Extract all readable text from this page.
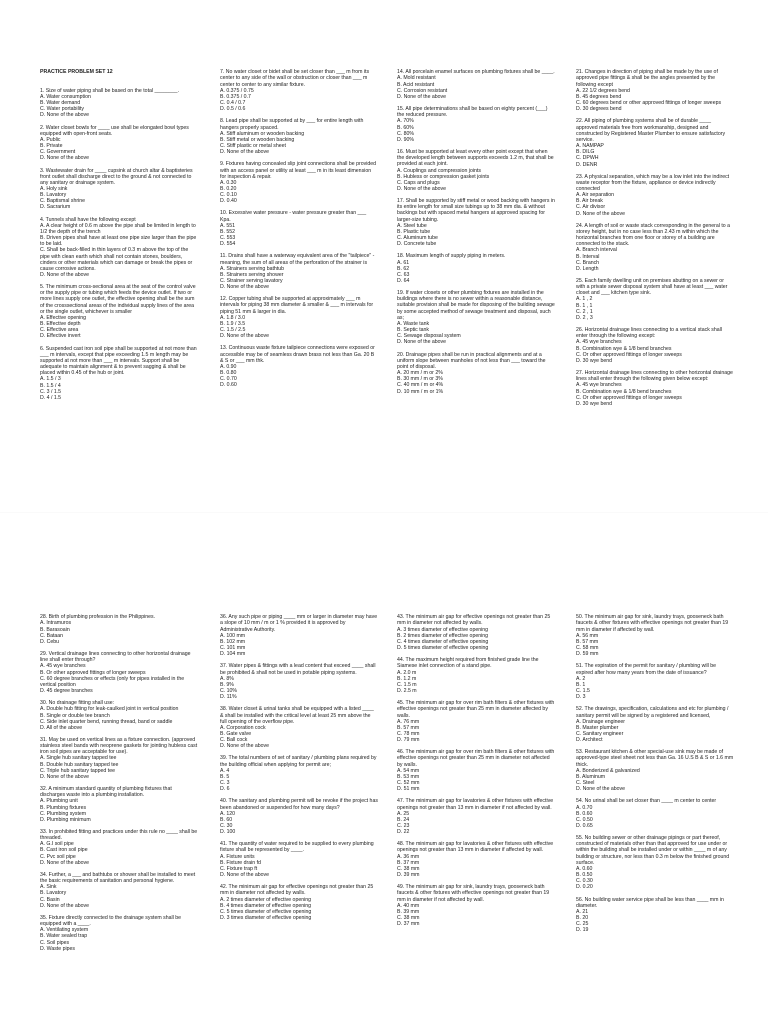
PRACTICE PROBLEM SET 12

1. Size of water piping shall be based on the total ________.
A. Water consumption
B. Water demand
C. Water portability
D. None of the above
2. Water closet bowls for ____ use shall be elongated bowl types equipped with open-front seats.
A. Public
B. Private
C. Government
D. None of the above
3. Wastewater drain for ____ cupsink at church altar & baptisteries front outlet shall discharge direct to the ground & not connected to any sanitary or drainage system.
A. Holy sink
B. Lavatory
C. Baptismal shrine
D. Sacrarium
4. Tunnels shall have the following except
A. A clear height of 0.6 m above the pipe shall be limited in length to 1/2 the depth of the trench
B. Driven pipes shall have at least one pipe size larger than the pipe to be laid.
C. Shall be back-filled in thin layers of 0.3 m above the top of the pipe with clean earth which shall not contain stones, boulders, cinders or other materials which can damage or break the pipes or cause corrosive actions.
D. None of the above
5. The minimum cross-sectional area at the seat of the control valve or the supply pipe or tubing which feeds the device outlet. If two or more lines supply one outlet, the effective opening shall be the sum of the crosssectional areas of the individual supply lines of the area or the single outlet, whichever is smaller
A. Effective opening
B. Effective depth
C. Effective area
D. Effective invert
6. Suspended cast iron soil pipe shall be supported at not more than ___ m intervals, except that pipe exceeding 1.5 m length may be supported at not more than ___ m intervals. Support shall be adequate to maintain alignment & to prevent sagging & shall be placed within 0.45 of the hub or joint.
A. 1.5 / 3
B. 1.5 / 4
C. 3 / 1.5
D. 4 / 1.5

7. No water closet or bidet shall be set closer than ___ m from its center to any side of the wall or obstruction or closer than ___ m center to center to any similar fixture.
A. 0.375 / 0.75
B. 0.375 / 0.7
C. 0.4 / 0.7
D. 0.5 / 0.6
8. Lead pipe shall be supported at by ___ for entire length with hangers properly spaced.
A. Stiff aluminum or wooden backing
B. Stiff metal or wooden backing
C. Stiff plastic or metal sheet
D. None of the above
9. Fixtures having concealed slip joint connections shall be provided with an access panel or utility at least ___ m in its least dimension for inspection & repair.
A. 0.30
B. 0.20
C. 0.10
D. 0.40
10. Excessive water pressure - water pressure greater than ___ Kpa.
A. 551
B. 552
C. 553
D. 554
11. Drains shall have a waterway equivalent area of the "tailpiece" - meaning, the sum of all areas of the perforation of the strainer is
A. Strainers serving bathtub
B. Strainers serving shower
C. Strainer serving lavatory
D. None of the above
12. Copper tubing shall be supported at approximately ___ m intervals for piping 38 mm diameter & smaller & ___ m intervals for piping 51 mm & larger in dia.
A. 1.8 / 3.0
B. 1.9 / 3.5
C. 1.5 / 2.5
D. None of the above
13. Continuous waste fixture tailpiece connections were exposed or accessible may be of seamless drawn brass not less than Ga. 20 B & S or ___ mm thk.
A. 0.90
B. 0.80
C. 0.70
D. 0.60

14. All porcelain enamel surfaces on plumbing fixtures shall be ____.
A. Mold resistant
B. Acid resistant
C. Corrosion resistant
D. None of the above
15. All pipe determinations shall be based on eighty percent (___) the reduced pressure.
A. 70%
B. 60%
C. 80%
D. 90%
16. Must be supported at least every other point except that when the developed length between supports exceeds 1.2 m, that shall be provided at each joint.
A. Couplings and compression joints
B. Hubless or compression gasket joints
C. Caps and plugs
D. None of the above
17. Shall be supported by stiff metal or wood backing with hangers in its entire length for small size tubings up to 38 mm dia. & without backings but with spaced metal hangers at approved spacing for larger-size tubing.
A. Steel tube
B. Plastic tube
C. Aluminum tube
D. Concrete tube
18. Maximum length of supply piping in meters.
A. 61
B. 62
C. 63
D. 64
19. If water closets or other plumbing fixtures are installed in the buildings where there is no sewer within a reasonable distance, suitable provision shall be made for disposing of the building sewage by some accepted method of sewage treatment and disposal, such as;
A. Waste tank
B. Septic tank
C. Sewage disposal system
D. None of the above
20. Drainage pipes shall be run in practical alignments and at a uniform slope between manholes of not less than ___ toward the point of disposal.
A. 20 mm / m or 2%
B. 30 mm / m or 3%
C. 40 mm / m or 4%
D. 10 mm / m or 1%

21. Changes in direction of piping shall be made by the use of approved pipe fittings & shall be the angles presented by the following except
A. 22 1/2 degrees bend
B. 45 degrees bend
C. 60 degrees bend or other approved fittings of longer sweeps
D. 30 degrees bend
22. All piping of plumbing systems shall be of durable ____ approved materials free from workmanship, designed and constructed by Registered Master Plumber to ensure satisfactory service.
A. NAMPAP
B. DILG
C. DPWH
D. DENR
23. A physical separation, which may be a low inlet into the indirect waste receptor from the fixture, appliance or device indirectly connected
A. Air separation
B. Air break
C. Air divisor
D. None of the above
24. A length of soil or waste stack corresponding in the general to a storey height, but in no case less than 2.43 m within which the horizontal branches from one floor or storey of a building are connected to the stack.
A. Branch interval
B. Interval
C. Branch
D. Length
25. Each family dwelling unit on premises abutting on a sewer or with a private sewer disposal system shall have at least ___ water closet and ___ kitchen type sink.
A. 1 , 2
B. 1 , 1
C. 2 , 1
D. 2 , 3
26. Horizontal drainage lines connecting to a vertical stack shall enter through the following except:
A. 45 wye branches
B. Combination wye & 1/8 bend branches
C. Or other approved fittings of longer sweeps
D. 30 wye bend
27. Horizontal drainage lines connecting to other horizontal drainage lines shall enter through the following given below except:
A. 45 wye branches
B. Combination wye & 1/8 bend branches
C. Or other approved fittings of longer sweeps
D. 30 wye bend

28. Birth of plumbing profession in the Philippines.
A. Intramuros
B. Barasoain
C. Bataan
D. Cebu
29. Vertical drainage lines connecting to other horizontal drainage line shall enter through?
A. 45 wye branches
B. Or other approved fittings of longer sweeps
C. 60 degree branches or effects (only for pipes installed in the vertical position
D. 45 degree branches
30. No drainage fitting shall use:
A. Double hub fitting for leak-caulked joint in vertical position
B. Single or double tee branch
C. Side inlet quarter bend, running thread, band or saddle
D. All of the above
31. May be used on vertical lines as a fixture connection. (approved stainless steel bands with neoprene gaskets for jointing hubless cast iron soil pipes are acceptable for use).
A. Single hub sanitary tapped tee
B. Double hub sanitary tapped tee
C. Triple hub sanitary tapped tee
D. None of the above
32. A minimum standard quantity of plumbing fixtures that discharges waste into a plumbing installation.
A. Plumbing unit
B. Plumbing fixtures
C. Plumbing system
D. Plumbing minimum
33. In prohibited fitting and practices under this rule no ____ shall be threaded.
A. G.I soil pipe
B. Cast iron soil pipe
C. Pvc soil pipe
D. None of the above
34. Further, a ___ and bathtubs or shower shall be installed to meet the basic requirements of sanitation and personal hygiene.
A. Sink
B. Lavatory
C. Basin
D. None of the above
35. Fixture directly connected to the drainage system shall be equipped with a ____.
A. Ventilating system
B. Water sealed trap
C. Soil pipes
D. Waste pipes

36. Any such pipe or piping ____ mm or larger in diameter may have a slope of 10 mm / m or 1 % provided it is approved by Administrative Authority.
A. 100 mm
B. 102 mm
C. 101 mm
D. 104 mm
37. Water pipes & fittings with a lead content that exceed ____ shall be prohibited & shall not be used in potable piping systems.
A. 8%
B. 9%
C. 10%
D. 11%
38. Water closet & urinal tanks shall be equipped with a listed ____ & shall be installed with the critical level at least 25 mm above the full opening of the overflow pipe.
A. Corporation cock
B. Gate valve
C. Ball cock
D. None of the above
39. The total numbers of set of sanitary / plumbing plans required by the building official when applying for permit are;
A. 4
B. 5
C. 3
D. 6
40. The sanitary and plumbing permit will be revoke if the project has been abandoned or suspended for how many days?
A. 120
B. 60
C. 30
D. 100
41. The quantity of water required to be supplied to every plumbing fixture shall be represented by ____.
A. Fixture units
B. Fixture drain fd
C. Fixture trap ft
D. None of the above
42. The minimum air gap for effective openings not greater than 25 mm in diameter not affected by walls.
A. 2 times diameter of effective opening
B. 4 times diameter of effective opening
C. 5 times diameter of effective opening
D. 3 times diameter of effective opening

43. The minimum air gap for effective openings not greater than 25 mm in diameter not affected by walls.
A. 3 times diameter of effective opening
B. 2 times diameter of effective opening
C. 4 times diameter of effective opening
D. 5 times diameter of effective opening
44. The maximum height required from finished grade line the Siamese inlet connection of a stand pipe.
A. 2.0 m
B. 1.2 m
C. 1.5 m
D. 2.5 m
45. The minimum air gap for over rim bath filters & other fixtures with effective openings not greater than 25 mm in diameter affected by walls.
A. 76 mm
B. 57 mm
C. 78 mm
D. 79 mm
46. The minimum air gap for over rim bath filters & other fixtures with effective openings not greater than 25 mm in diameter not affected by walls.
A. 54 mm
B. 53 mm
C. 52 mm
D. 51 mm
47. The minimum air gap for lavatories & other fixtures with effective openings not greater than 13 mm in diameter if not affected by wall.
A. 25
B. 24
C. 23
D. 22
48. The minimum air gap for lavatories & other fixtures with effective openings not greater than 13 mm in diameter if affected by wall.
A. 36 mm
B. 37 mm
C. 38 mm
D. 39 mm
49. The minimum air gap for sink, laundry trays, gooseneck bath faucets & other fixtures with effective openings not greater than 19 mm in diameter if not affected by wall.
A. 40 mm
B. 39 mm
C. 38 mm
D. 37 mm

50. The minimum air gap for sink, laundry trays, gooseneck bath faucets & other fixtures with effective openings not greater than 19 mm in diameter if affected by wall.
A. 56 mm
B. 57 mm
C. 58 mm
D. 59 mm
51. The expiration of the permit for sanitary / plumbing will be expired after how many years from the date of issuance?
A. 2
B. 1
C. 1.5
D. 3
52. The drawings, specification, calculations and etc for plumbing / sanitary permit will be signed by a registered and licensed,
A. Drainage engineer
B. Master plumber
C. Sanitary engineer
D. Architect
53. Restaurant kitchen & other special-use sink may be made of approved-type steel sheet not less than Ga. 16 U.S B & S or 1.6 mm thick.
A. Bonderized & galvanized
B. Aluminum
C. Steel
D. None of the above
54. No urinal shall be set closer than ____ m center to center
A. 0.70
B. 0.60
C. 0.50
D. 0.65
55. No building sewer or other drainage pipings or part thereof, constructed of materials other than that approved for use under or within the building shall be installed under or within ____ m of any building or structure, nor less than 0.3 m below the finished ground surface.
A. 0.60
B. 0.50
C. 0.30
D. 0.20
56. No building water service pipe shall be less than ____ mm in diameter.
A. 21
B. 20
C. 25
D. 19
